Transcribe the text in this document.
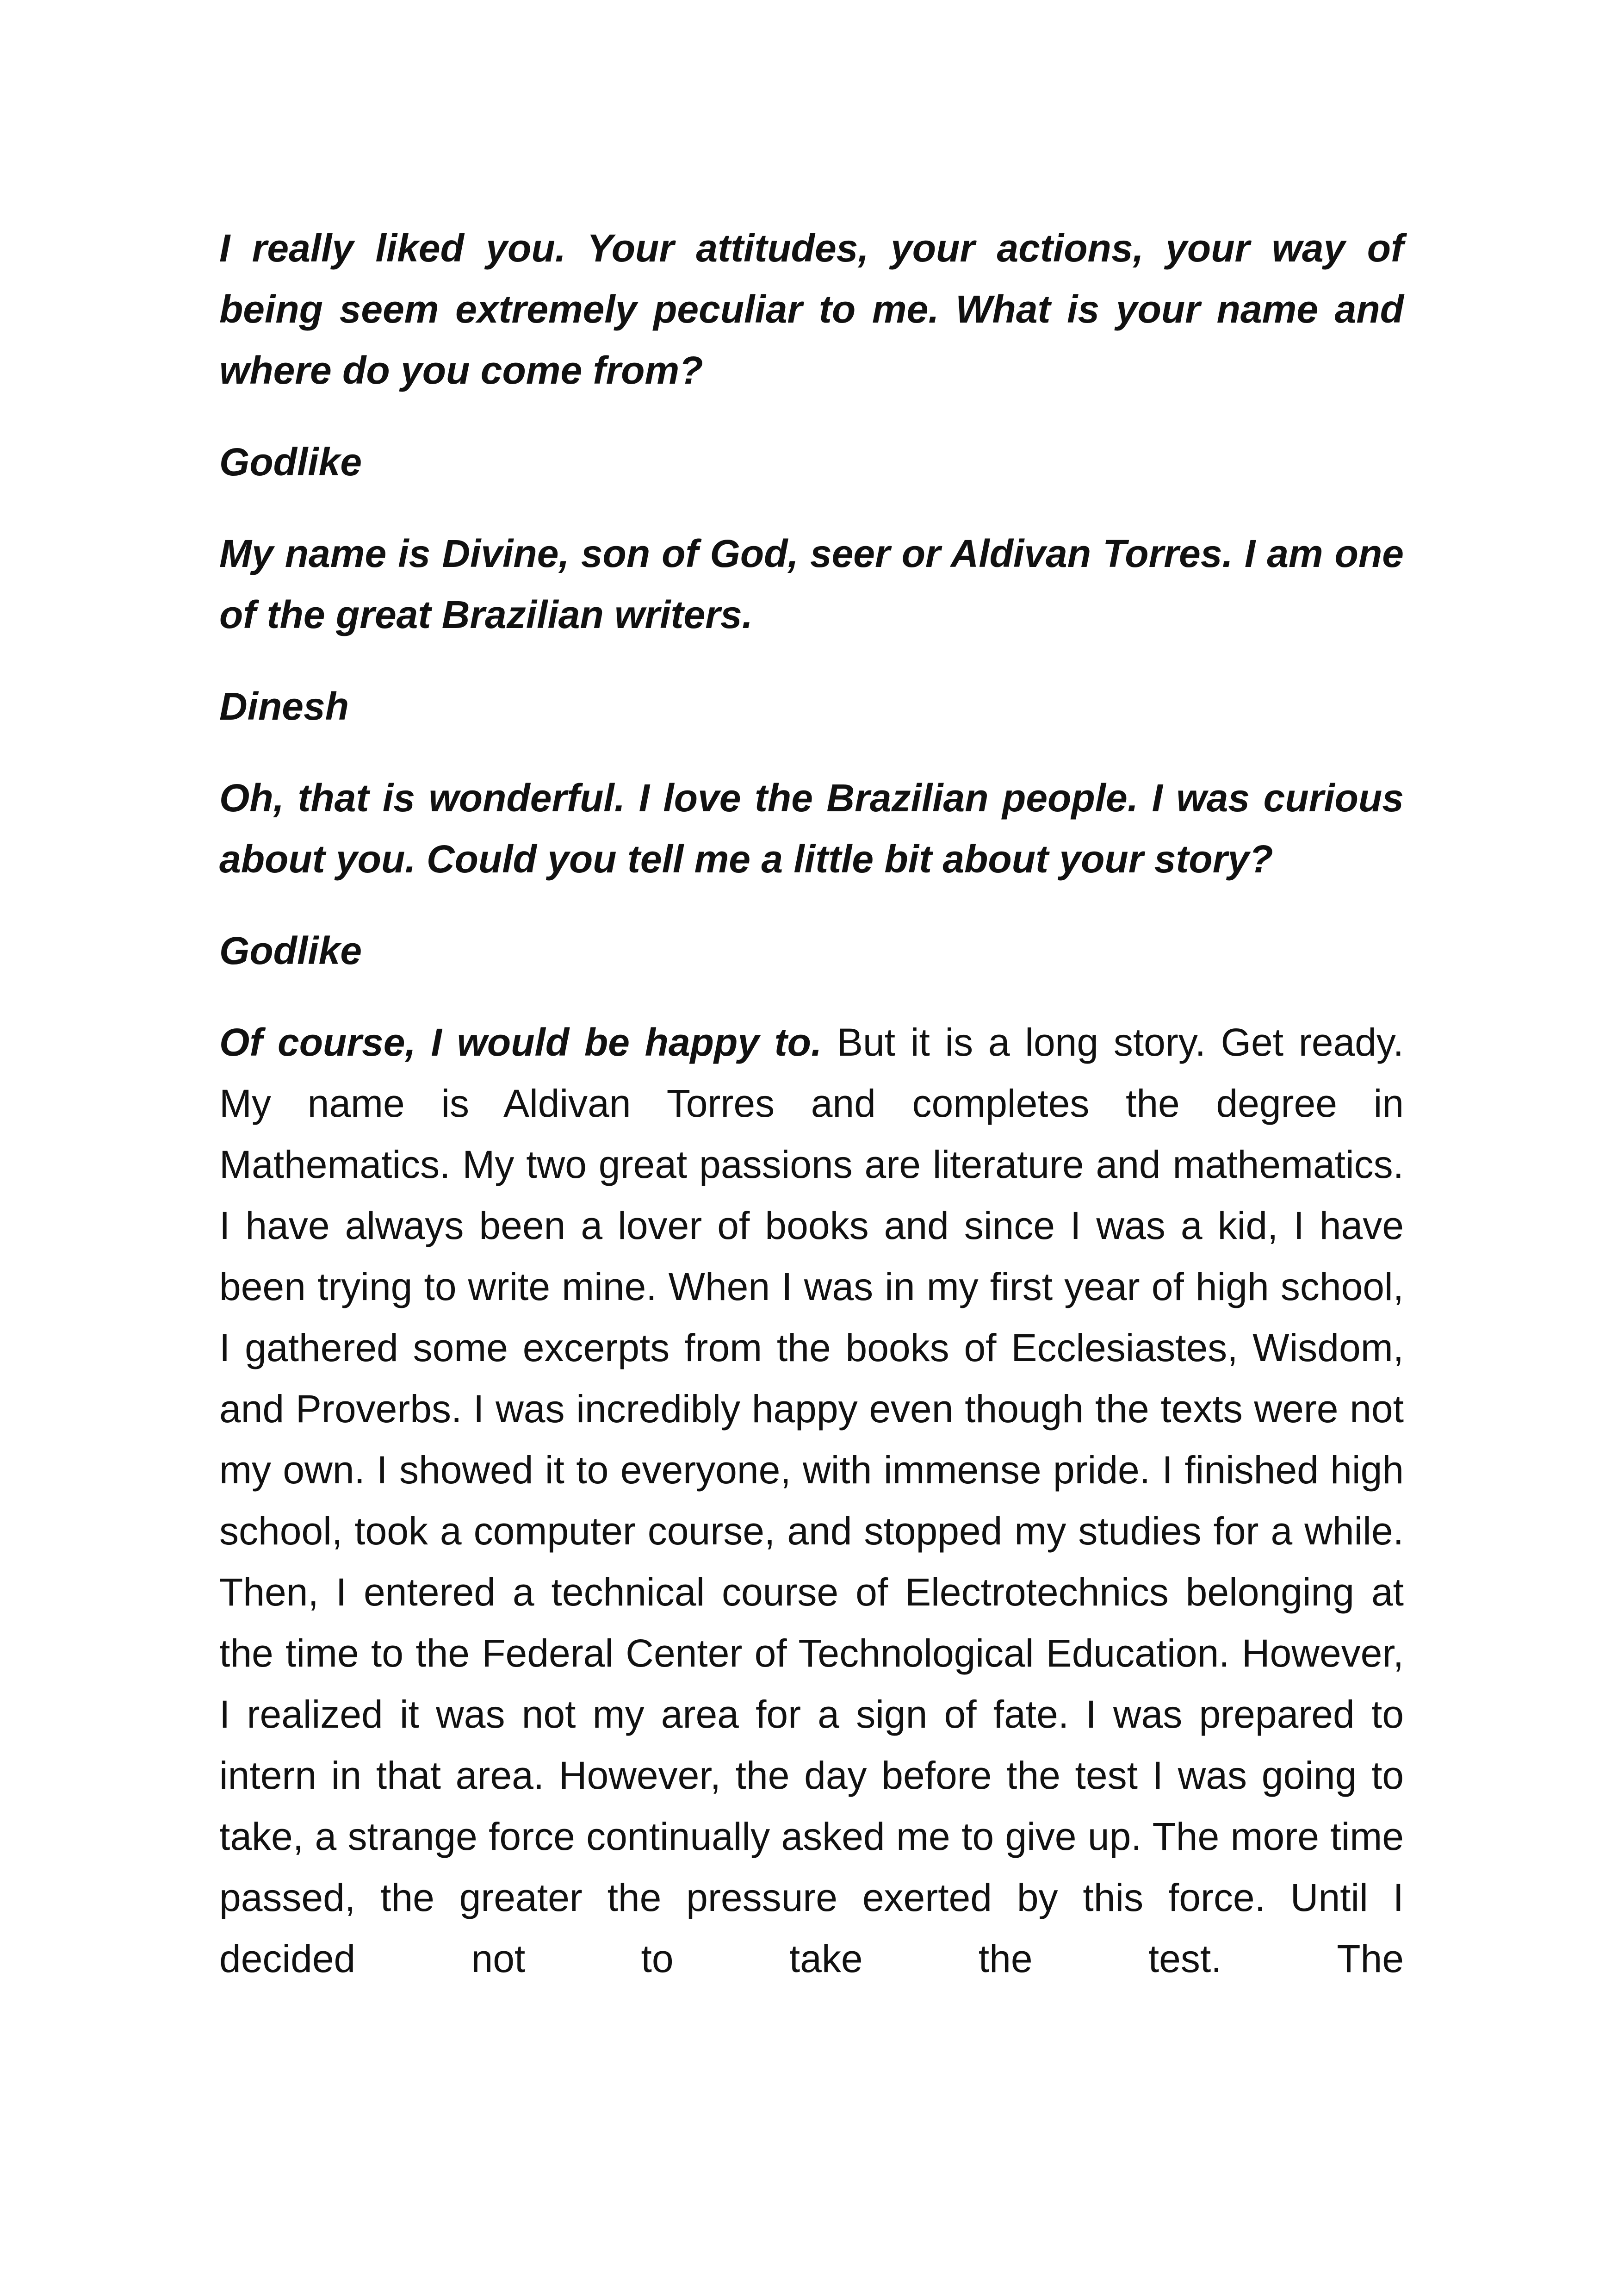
I really liked you. Your attitudes, your actions, your way of being seem extremely peculiar to me. What is your name and where do you come from?

Godlike

My name is Divine, son of God, seer or Aldivan Torres. I am one of the great Brazilian writers.

Dinesh

Oh, that is wonderful. I love the Brazilian people. I was curious about you. Could you tell me a little bit about your story?

Godlike

Of course, I would be happy to. But it is a long story. Get ready. My name is Aldivan Torres and completes the degree in Mathematics. My two great passions are literature and mathematics. I have always been a lover of books and since I was a kid, I have been trying to write mine. When I was in my first year of high school, I gathered some excerpts from the books of Ecclesiastes, Wisdom, and Proverbs. I was incredibly happy even though the texts were not my own. I showed it to everyone, with immense pride. I finished high school, took a computer course, and stopped my studies for a while. Then, I entered a technical course of Electrotechnics belonging at the time to the Federal Center of Technological Education. However, I realized it was not my area for a sign of fate. I was prepared to intern in that area. However, the day before the test I was going to take, a strange force continually asked me to give up. The more time passed, the greater the pressure exerted by this force. Until I decided not to take the test. The
